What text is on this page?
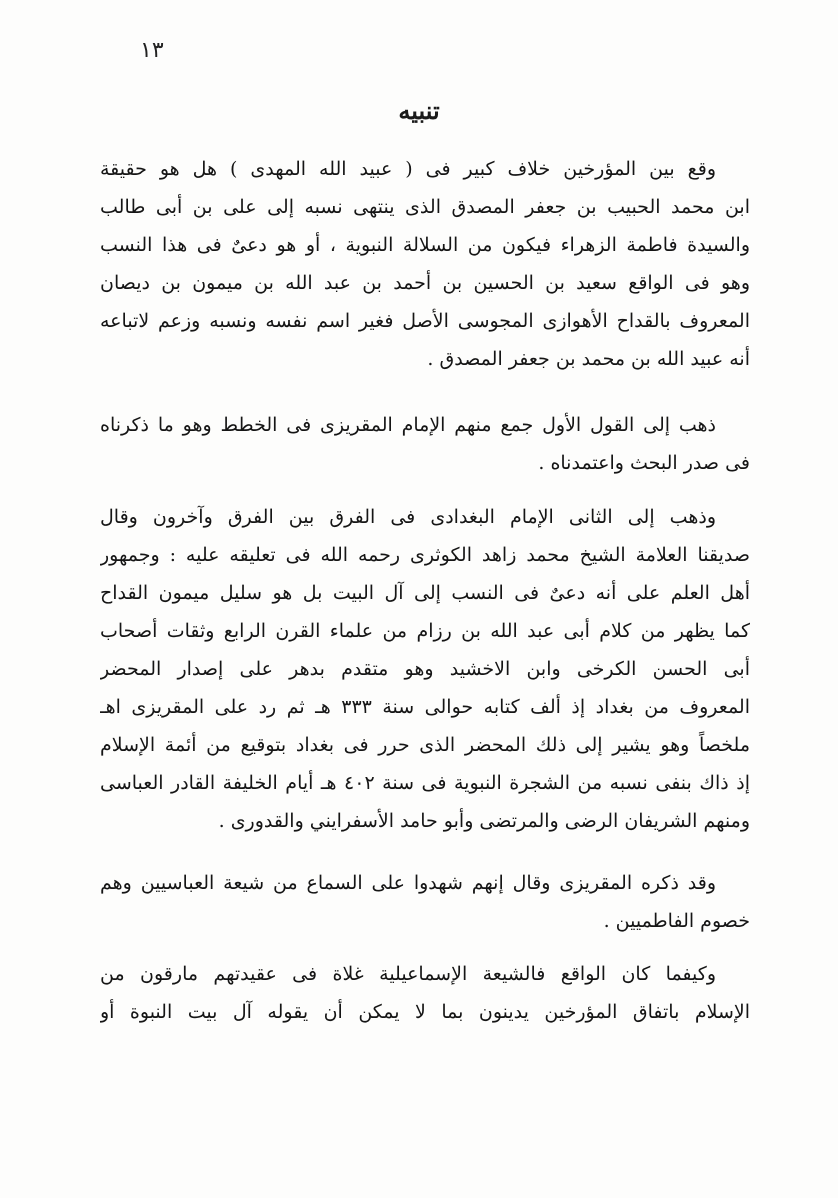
١٣
تنبيه
وقع بين المؤرخين خلاف كبير فى ( عبيد الله المهدى ) هل هو حقيقة
ابن محمد الحبيب بن جعفر المصدق الذى ينتهى نسبه إلى على بن أبى طالب
والسيدة فاطمة الزهراء فيكون من السلالة النبوية ، أو هو دعىٌ فى هذا النسب
وهو فى الواقع سعيد بن الحسين بن أحمد بن عبد الله بن ميمون بن ديصان
المعروف بالقداح الأهوازى المجوسى الأصل فغير اسم نفسه ونسبه وزعم لاتباعه
أنه عبيد الله بن محمد بن جعفر المصدق .
ذهب إلى القول الأول جمع منهم الإمام المقريزى فى الخطط وهو ما ذكرناه
فى صدر البحث واعتمدناه .
وذهب إلى الثانى الإمام البغدادى فى الفرق بين الفرق وآخرون وقال
صديقنا العلامة الشيخ محمد زاهد الكوثرى رحمه الله فى تعليقه عليه : وجمهور
أهل العلم على أنه دعىٌ فى النسب إلى آل البيت بل هو سليل ميمون القداح
كما يظهر من كلام أبى عبد الله بن رزام من علماء القرن الرابع وثقات أصحاب
أبى الحسن الكرخى وابن الاخشيد وهو متقدم بدهر على إصدار المحضر
المعروف من بغداد إذ ألف كتابه حوالى سنة ٣٣٣ هـ ثم رد على المقريزى اهـ
ملخصاً وهو يشير إلى ذلك المحضر الذى حرر فى بغداد بتوقيع من أئمة الإسلام
إذ ذاك بنفى نسبه من الشجرة النبوية فى سنة ٤٠٢ هـ أيام الخليفة القادر العباسى
ومنهم الشريفان الرضى والمرتضى وأبو حامد الأسفرايني والقدورى .
وقد ذكره المقريزى وقال إنهم شهدوا على السماع من شيعة العباسيين وهم
خصوم الفاطميين .
وكيفما كان الواقع فالشيعة الإسماعيلية غلاة فى عقيدتهم مارقون من
الإسلام باتفاق المؤرخين يدينون بما لا يمكن أن يقوله آل بيت النبوة أو
